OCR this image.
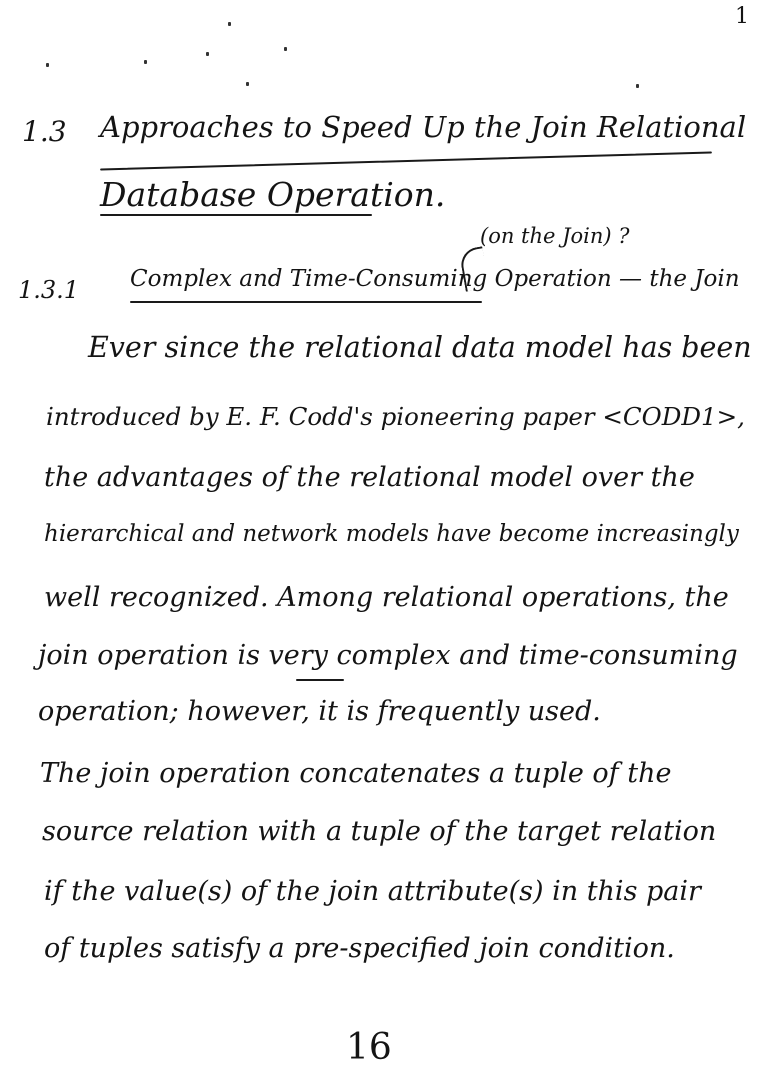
1
1.3 Approaches to Speed Up the Join Relational
Database Operation.
(on the Join) ?
1.3.1 Complex and Time-Consuming Operation — the Join
Ever since the relational data model has been
introduced by E. F. Codd's pioneering paper <CODD1>,
the advantages of the relational model over the
hierarchical and network models have become increasingly
well recognized. Among relational operations, the
join operation is very complex and time-consuming
operation; however, it is frequently used.
The join operation concatenates a tuple of the
source relation with a tuple of the target relation
if the value(s) of the join attribute(s) in this pair
of tuples satisfy a pre-specified join condition.
16
